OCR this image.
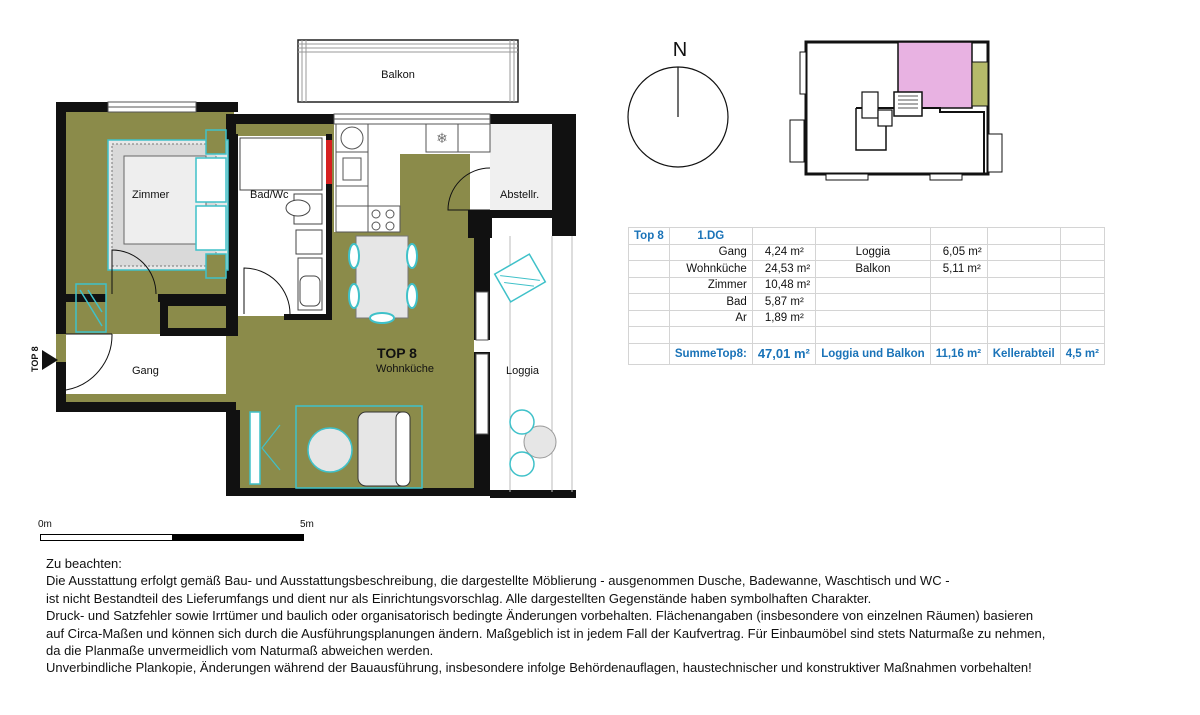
Balkon
TOP 8
❄
Zimmer	Bad/Wc	Abstellr.
Gang
TOP 8
Wohnküche	Loggia
N
Top 8	1.DG					
	Gang	4,24 m²	Loggia	6,05 m²		
	Wohnküche	24,53 m²	Balkon	5,11 m²		
	Zimmer	10,48 m²				
	Bad	5,87 m²				
	Ar	1,89 m²				

	SummeTop8:	47,01 m²	Loggia und Balkon	11,16 m²	Kellerabteil	4,5 m²
0m	5m

Zu beachten:

Die Ausstattung erfolgt gemäß Bau- und Ausstattungsbeschreibung, die dargestellte Möblierung - ausgenommen Dusche, Badewanne, Waschtisch und WC -

ist nicht Bestandteil des Lieferumfangs und dient nur als Einrichtungsvorschlag. Alle dargestellten Gegenstände haben symbolhaften Charakter.

Druck- und Satzfehler sowie Irrtümer und baulich oder organisatorisch bedingte Änderungen vorbehalten. Flächenangaben (insbesondere von einzelnen Räumen) basieren

auf Circa-Maßen und können sich durch die Ausführungsplanungen ändern. Maßgeblich ist in jedem Fall der Kaufvertrag. Für Einbaumöbel sind stets Naturmaße zu nehmen,

da die Planmaße unvermeidlich vom Naturmaß abweichen werden.

Unverbindliche Plankopie, Änderungen während der Bauausführung, insbesondere infolge Behördenauflagen, haustechnischer und konstruktiver Maßnahmen vorbehalten!
